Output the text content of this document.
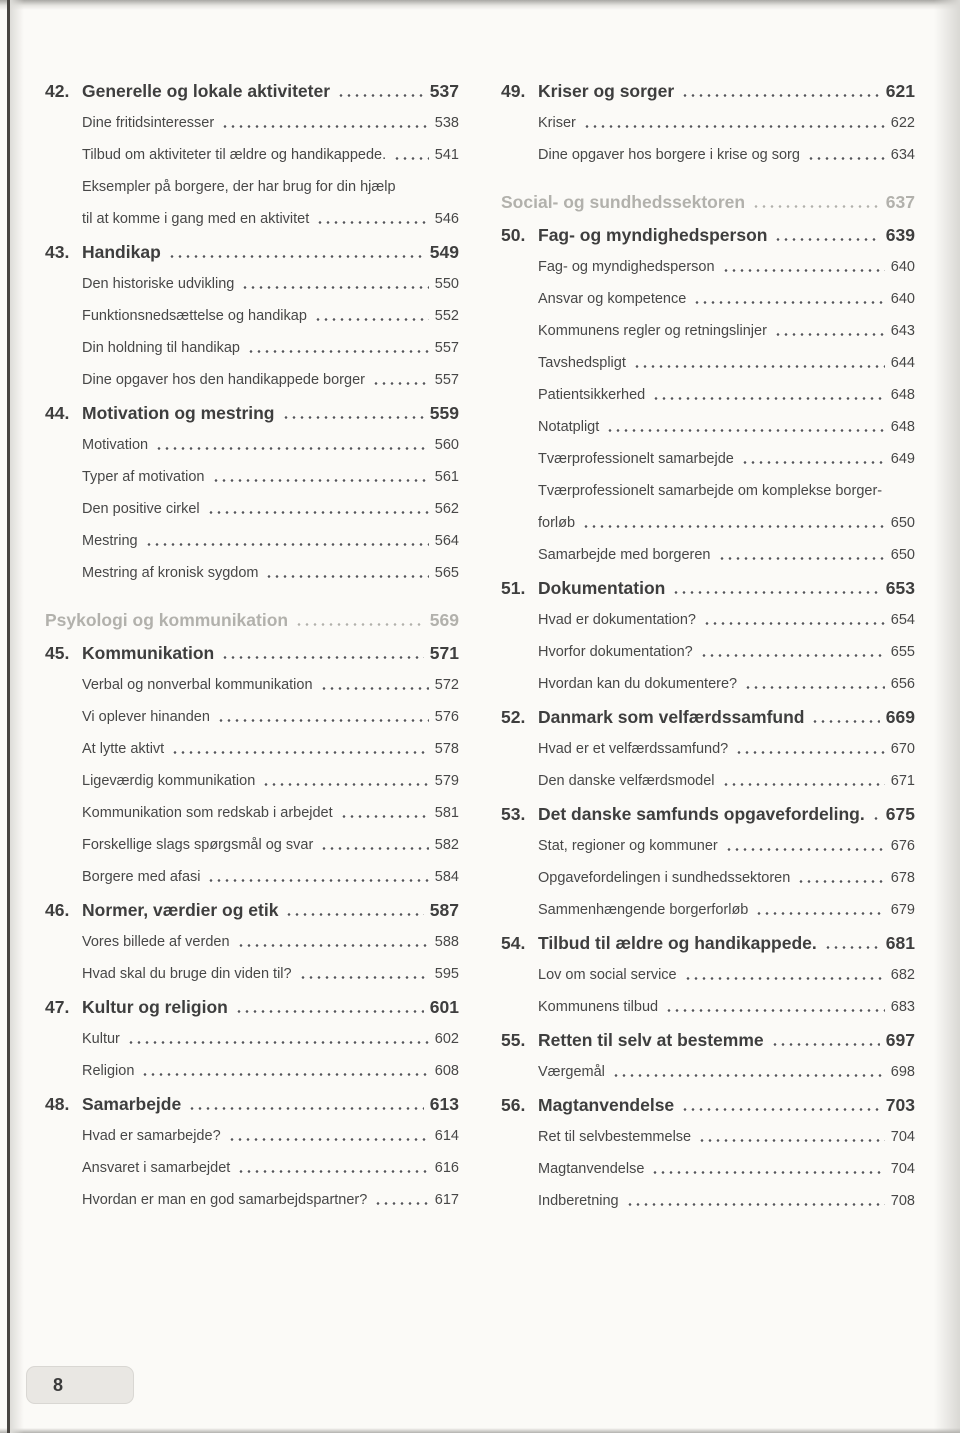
42. Generelle og lokale aktiviteter	537
Dine fritidsinteresser	538
Tilbud om aktiviteter til ældre og handikappede.	541
Eksempler på borgere, der har brug for din hjælp
til at komme i gang med en aktivitet	546
43. Handikap	549
Den historiske udvikling	550
Funktionsnedsættelse og handikap	552
Din holdning til handikap	557
Dine opgaver hos den handikappede borger	557
44. Motivation og mestring	559
Motivation	560
Typer af motivation	561
Den positive cirkel	562
Mestring	564
Mestring af kronisk sygdom	565
Psykologi og kommunikation	569
45. Kommunikation	571
Verbal og nonverbal kommunikation	572
Vi oplever hinanden	576
At lytte aktivt	578
Ligeværdig kommunikation	579
Kommunikation som redskab i arbejdet	581
Forskellige slags spørgsmål og svar	582
Borgere med afasi	584
46. Normer, værdier og etik	587
Vores billede af verden	588
Hvad skal du bruge din viden til?	595
47. Kultur og religion	601
Kultur	602
Religion	608
48. Samarbejde	613
Hvad er samarbejde?	614
Ansvaret i samarbejdet	616
Hvordan er man en god samarbejdspartner?	617
49. Kriser og sorger	621
Kriser	622
Dine opgaver hos borgere i krise og sorg	634
Social- og sundhedssektoren	637
50. Fag- og myndighedsperson	639
Fag- og myndighedsperson	640
Ansvar og kompetence	640
Kommunens regler og retningslinjer	643
Tavshedspligt	644
Patientsikkerhed	648
Notatpligt	648
Tværprofessionelt samarbejde	649
Tværprofessionelt samarbejde om komplekse borger-
forløb	650
Samarbejde med borgeren	650
51. Dokumentation	653
Hvad er dokumentation?	654
Hvorfor dokumentation?	655
Hvordan kan du dokumentere?	656
52. Danmark som velfærdssamfund	669
Hvad er et velfærdssamfund?	670
Den danske velfærdsmodel	671
53. Det danske samfunds opgavefordeling. 675
Stat, regioner og kommuner	676
Opgavefordelingen i sundhedssektoren	678
Sammenhængende borgerforløb	679
54. Tilbud til ældre og handikappede.	681
Lov om social service	682
Kommunens tilbud	683
55. Retten til selv at bestemme	697
Værgemål	698
56. Magtanvendelse	703
Ret til selvbestemmelse	704
Magtanvendelse	704
Indberetning	708
8
